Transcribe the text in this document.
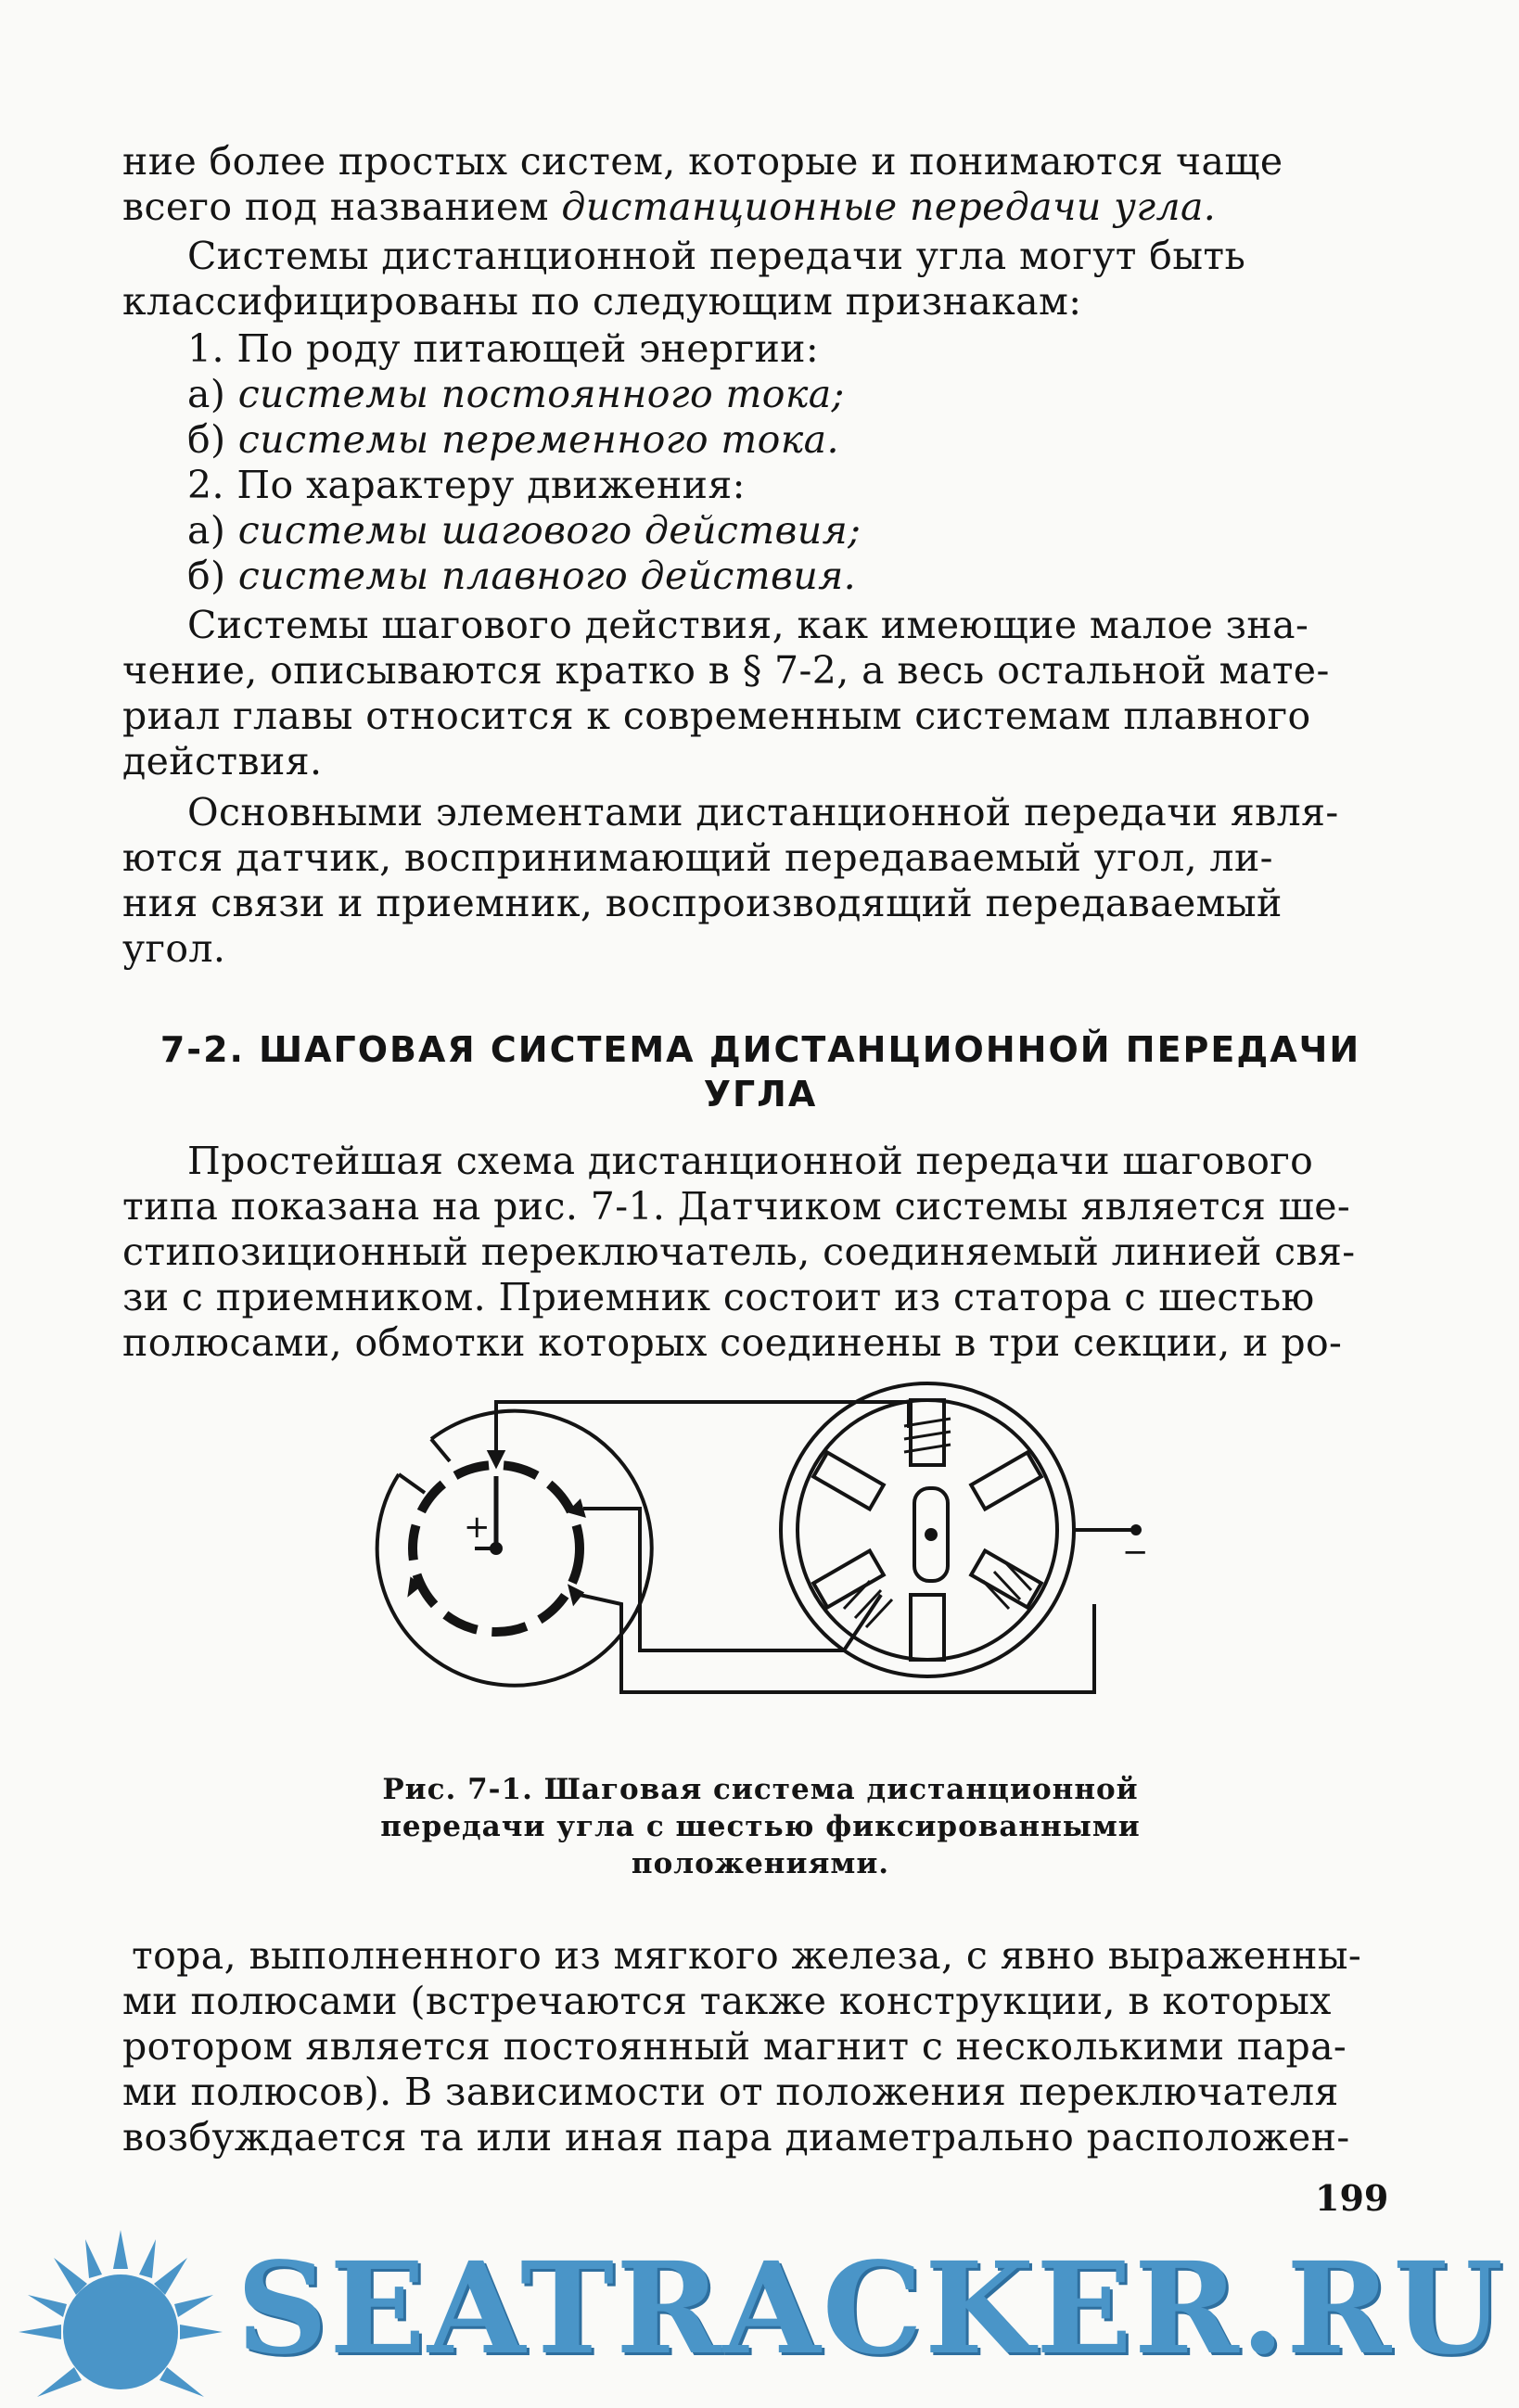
ние более простых систем, которые и понимаются чаще
всего под названием дистанционные передачи угла.
Системы дистанционной передачи угла могут быть
классифицированы по следующим признакам:
1. По роду питающей энергии:
а) системы постоянного тока;
б) системы переменного тока.
2. По характеру движения:
а) системы шагового действия;
б) системы плавного действия.
Системы шагового действия, как имеющие малое зна-
чение, описываются кратко в § 7-2, а весь остальной мате-
риал главы относится к современным системам плавного
действия.
Основными элементами дистанционной передачи явля-
ются датчик, воспринимающий передаваемый угол, ли-
ния связи и приемник, воспроизводящий передаваемый
угол.
7-2. ШАГОВАЯ СИСТЕМА ДИСТАНЦИОННОЙ ПЕРЕДАЧИ
УГЛА
Простейшая схема дистанционной передачи шагового
типа показана на рис. 7-1. Датчиком системы является ше-
стипозиционный переключатель, соединяемый линией свя-
зи с приемником. Приемник состоит из статора с шестью
полюсами, обмотки которых соединены в три секции, и ро-
+
−
Рис. 7-1. Шаговая система дистанционной
передачи угла с шестью фиксированными
положениями.
тора, выполненного из мягкого железа, с явно выраженны-
ми полюсами (встречаются также конструкции, в которых
ротором является постоянный магнит с несколькими пара-
ми полюсов). В зависимости от положения переключателя
возбуждается та или иная пара диаметрально расположен-
199
SEATRACKER.RU
